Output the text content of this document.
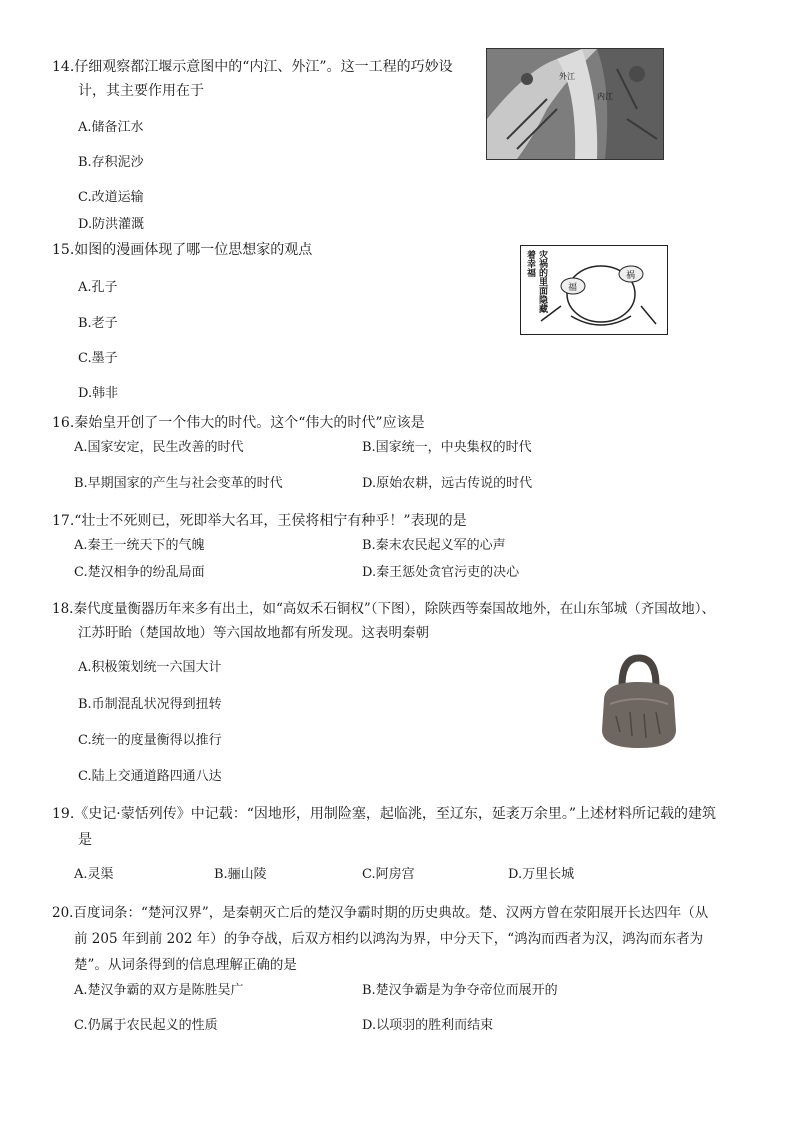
14.仔细观察都江堰示意图中的“内江、外江”。这一工程的巧妙设
计，其主要作用在于
A.储备江水
B.存积泥沙
C.改道运输
D.防洪灌溉
外江
内江
15.如图的漫画体现了哪一位思想家的观点
A.孔子
B.老子
C.墨子
D.韩非
福
祸
灾祸的里面隐藏
着幸福
16.秦始皇开创了一个伟大的时代。这个“伟大的时代”应该是
A.国家安定，民生改善的时代	B.国家统一，中央集权的时代
B.早期国家的产生与社会变革的时代	D.原始农耕，远古传说的时代
17.“壮士不死则已，死即举大名耳，王侯将相宁有种乎！”表现的是
A.秦王一统天下的气魄	B.秦末农民起义军的心声
C.楚汉相争的纷乱局面	D.秦王惩处贪官污吏的决心
18.秦代度量衡器历年来多有出土，如“高奴禾石铜权”（下图），除陕西等秦国故地外，在山东邹城（齐国故地）、
江苏盱眙（楚国故地）等六国故地都有所发现。这表明秦朝
A.积极策划统一六国大计
B.币制混乱状况得到扭转
C.统一的度量衡得以推行
C.陆上交通道路四通八达
19.《史记·蒙恬列传》中记载：“因地形，用制险塞，起临洮，至辽东，延袤万余里。”上述材料所记载的建筑
是
A.灵渠	B.骊山陵	C.阿房宫	D.万里长城
20.百度词条：“楚河汉界”，是秦朝灭亡后的楚汉争霸时期的历史典故。楚、汉两方曾在荥阳展开长达四年（从
前 205 年到前 202 年）的争夺战，后双方相约以鸿沟为界，中分天下，“鸿沟而西者为汉，鸿沟而东者为
楚”。从词条得到的信息理解正确的是
A.楚汉争霸的双方是陈胜吴广	B.楚汉争霸是为争夺帝位而展开的
C.仍属于农民起义的性质	D.以项羽的胜利而结束
